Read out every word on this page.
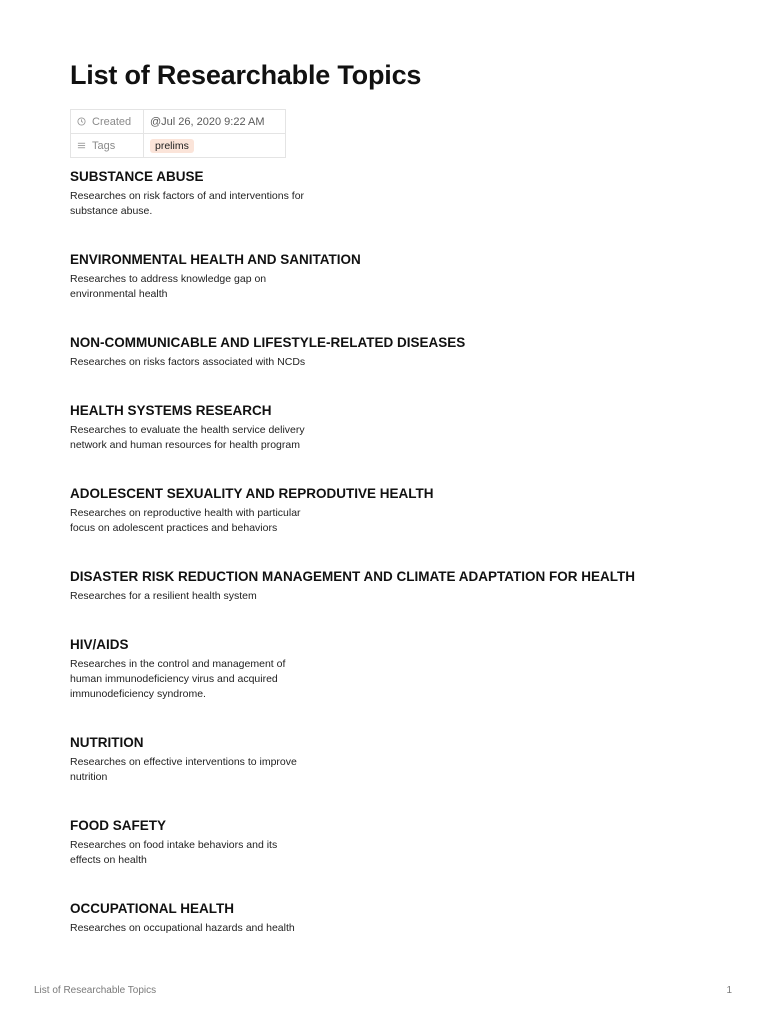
List of Researchable Topics
Created	@Jul 26, 2020 9:22 AM
Tags	prelims
SUBSTANCE ABUSE

Researches on risk factors of and interventions for
substance abuse.

ENVIRONMENTAL HEALTH AND SANITATION

Researches to address knowledge gap on
environmental health

NON-COMMUNICABLE AND LIFESTYLE-RELATED DISEASES

Researches on risks factors associated with NCDs

HEALTH SYSTEMS RESEARCH

Researches to evaluate the health service delivery
network and human resources for health program

ADOLESCENT SEXUALITY AND REPRODUTIVE HEALTH

Researches on reproductive health with particular
focus on adolescent practices and behaviors

DISASTER RISK REDUCTION MANAGEMENT AND CLIMATE ADAPTATION FOR HEALTH

Researches for a resilient health system

HIV/AIDS

Researches in the control and management of
human immunodeficiency virus and acquired
immunodeficiency syndrome.

NUTRITION

Researches on effective interventions to improve
nutrition

FOOD SAFETY

Researches on food intake behaviors and its
effects on health

OCCUPATIONAL HEALTH

Researches on occupational hazards and health

List of Researchable Topics	1
